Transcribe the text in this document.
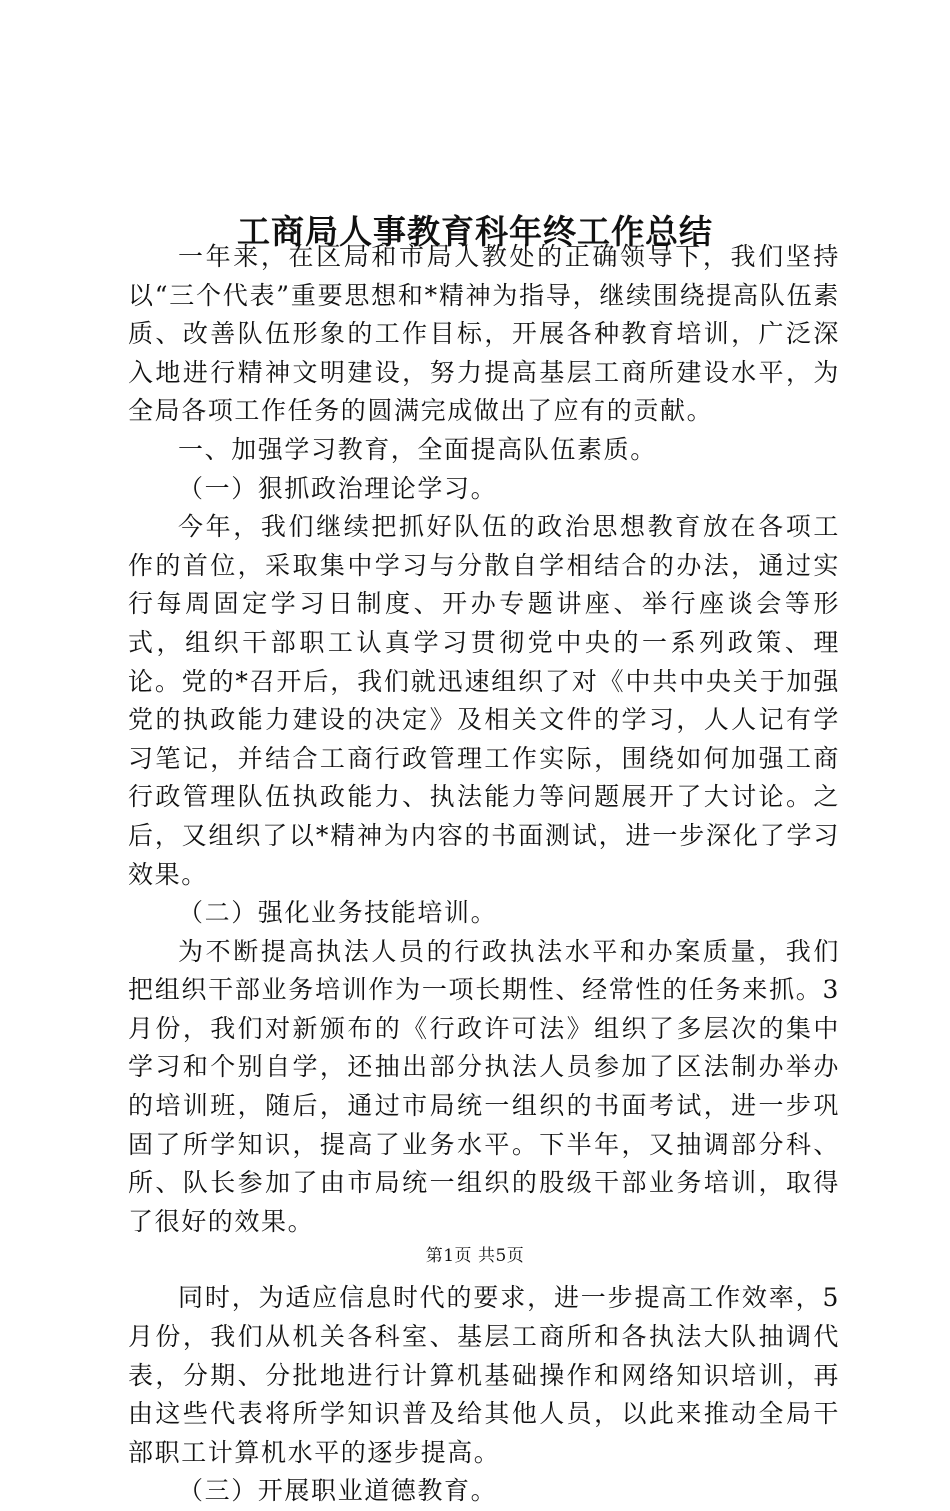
工商局人事教育科年终工作总结

一年来，在区局和市局人教处的正确领导下，我们坚持以“三个代表”重要思想和*精神为指导，继续围绕提高队伍素质、改善队伍形象的工作目标，开展各种教育培训，广泛深入地进行精神文明建设，努力提高基层工商所建设水平，为全局各项工作任务的圆满完成做出了应有的贡献。

一、加强学习教育，全面提高队伍素质。

（一）狠抓政治理论学习。

今年，我们继续把抓好队伍的政治思想教育放在各项工作的首位，采取集中学习与分散自学相结合的办法，通过实行每周固定学习日制度、开办专题讲座、举行座谈会等形式，组织干部职工认真学习贯彻党中央的一系列政策、理论。党的*召开后，我们就迅速组织了对《中共中央关于加强党的执政能力建设的决定》及相关文件的学习，人人记有学习笔记，并结合工商行政管理工作实际，围绕如何加强工商行政管理队伍执政能力、执法能力等问题展开了大讨论。之后，又组织了以*精神为内容的书面测试，进一步深化了学习效果。

（二）强化业务技能培训。

为不断提高执法人员的行政执法水平和办案质量，我们把组织干部业务培训作为一项长期性、经常性的任务来抓。3月份，我们对新颁布的《行政许可法》组织了多层次的集中学习和个别自学，还抽出部分执法人员参加了区法制办举办的培训班，随后，通过市局统一组织的书面考试，进一步巩固了所学知识，提高了业务水平。下半年，又抽调部分科、所、队长参加了由市局统一组织的股级干部业务培训，取得了很好的效果。

同时，为适应信息时代的要求，进一步提高工作效率，5月份，我们从机关各科室、基层工商所和各执法大队抽调代表，分期、分批地进行计算机基础操作和网络知识培训，再由这些代表将所学知识普及给其他人员，以此来推动全局干部职工计算机水平的逐步提高。

（三）开展职业道德教育。

第1页 共5页
